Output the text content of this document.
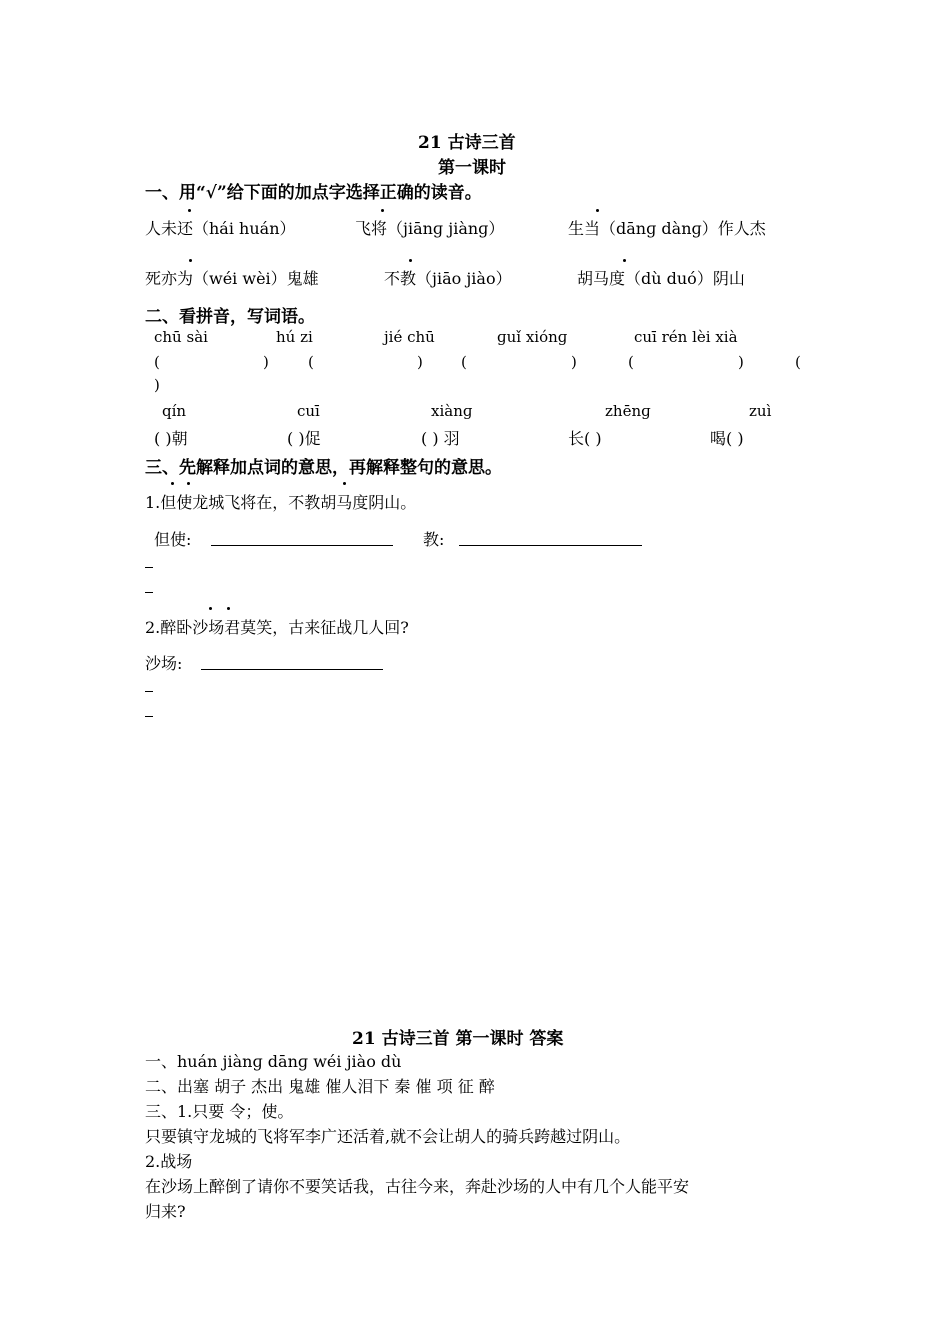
21 古诗三首
第一课时
一、用“√”给下面的加点字选择正确的读音。
人未还（hái huán）	飞将（jiānɡ jiànɡ）	生当（dānɡ dànɡ）作人杰
死亦为（wéi wèi）鬼雄	不教（jiāo jiào）	胡马度（dù duó）阴山
二、看拼音，写词语。
chū sài	hú zi	jié chū	ɡuǐ xiónɡ	cuī rén lèi xià
(	)	(	)	(	)	(	)	(
)
qín	cuī	xiànɡ	zhēnɡ	zuì
( )朝	( )促	( ) 羽	长( )	喝( )
三、先解释加点词的意思，再解释整句的意思。
1.但使龙城飞将在，不教胡马度阴山。
但使:	教:
2.醉卧沙场君莫笑，古来征战几人回?
沙场:
21 古诗三首 第一课时 答案
一、huán jiànɡ dānɡ wéi jiào dù
二、出塞 胡子 杰出 鬼雄 催人泪下 秦 催 项 征 醉
三、1.只要 令；使。
只要镇守龙城的飞将军李广还活着,就不会让胡人的骑兵跨越过阴山。
2.战场
在沙场上醉倒了请你不要笑话我，古往今来，奔赴沙场的人中有几个人能平安
归来?
